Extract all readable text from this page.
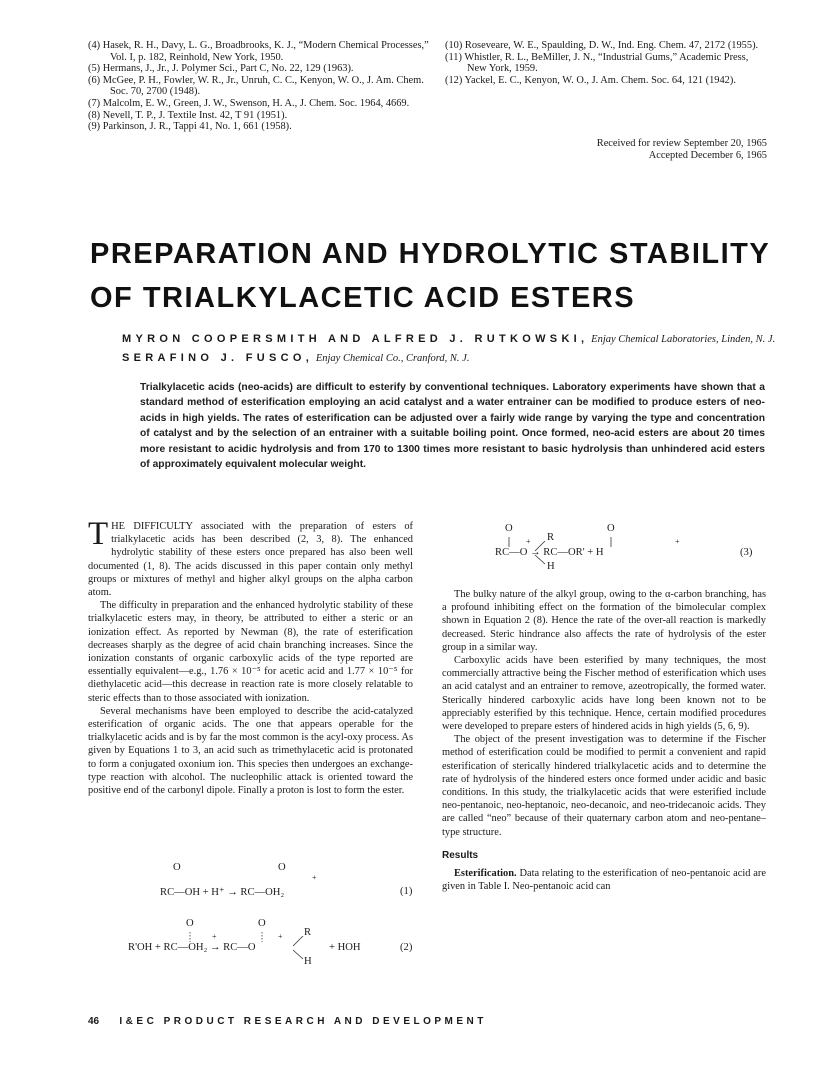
(4) Hasek, R. H., Davy, L. G., Broadbrooks, K. J., “Modern Chemical Processes,” Vol. I, p. 182, Reinhold, New York, 1950.

(5) Hermans, J., Jr., J. Polymer Sci., Part C, No. 22, 129 (1963).

(6) McGee, P. H., Fowler, W. R., Jr., Unruh, C. C., Kenyon, W. O., J. Am. Chem. Soc. 70, 2700 (1948).

(7) Malcolm, E. W., Green, J. W., Swenson, H. A., J. Chem. Soc. 1964, 4669.

(8) Nevell, T. P., J. Textile Inst. 42, T 91 (1951).

(9) Parkinson, J. R., Tappi 41, No. 1, 661 (1958).

(10) Roseveare, W. E., Spaulding, D. W., Ind. Eng. Chem. 47, 2172 (1955).

(11) Whistler, R. L., BeMiller, J. N., “Industrial Gums,” Academic Press, New York, 1959.

(12) Yackel, E. C., Kenyon, W. O., J. Am. Chem. Soc. 64, 121 (1942).

Received for review September 20, 1965
Accepted December 6, 1965
PREPARATION AND HYDROLYTIC STABILITY
OF TRIALKYLACETIC ACID ESTERS
MYRON COOPERSMITH AND ALFRED J. RUTKOWSKI, Enjay Chemical Laboratories, Linden, N. J.
SERAFINO J. FUSCO, Enjay Chemical Co., Cranford, N. J.

Trialkylacetic acids (neo-acids) are difficult to esterify by conventional techniques. Laboratory experiments have shown that a standard method of esterification employing an acid catalyst and a water entrainer can be modified to produce esters of neo-acids in high yields. The rates of esterification can be adjusted over a fairly wide range by varying the type and concentration of catalyst and by the selection of an entrainer with a suitable boiling point. Once formed, neo-acid esters are about 20 times more resistant to acidic hydrolysis and from 170 to 1300 times more resistant to basic hydrolysis than unhindered acid esters of approximately equivalent molecular weight.

THE DIFFICULTY associated with the preparation of esters of trialkylacetic acids has been described (2, 3, 8). The enhanced hydrolytic stability of these esters once prepared has also been well documented (1, 8). The acids discussed in this paper contain only methyl groups or mixtures of methyl and higher alkyl groups on the alpha carbon atom.

The difficulty in preparation and the enhanced hydrolytic stability of these trialkylacetic esters may, in theory, be attributed to either a steric or an ionization effect. As reported by Newman (8), the rate of esterification decreases sharply as the degree of acid chain branching increases. Since the ionization constants of organic carboxylic acids of the type reported are essentially equivalent—e.g., 1.76 × 10⁻⁵ for acetic acid and 1.77 × 10⁻⁵ for diethylacetic acid—this decrease in reaction rate is more closely relatable to steric effects than to those associated with ionization.

Several mechanisms have been employed to describe the acid-catalyzed esterification of organic acids. The one that appears operable for the trialkylacetic acids and is by far the most common is the acyl-oxy process. As given by Equations 1 to 3, an acid such as trimethylacetic acid is protonated to form a conjugated oxonium ion. This species then undergoes an exchange-type reaction with alcohol. The nucleophilic attack is oriented toward the positive end of the carbonyl dipole. Finally a proton is lost to form the ester.

O	O
+
RC—OH + H⁺ → RC—OH₂	(1)
O	O
+	+ R
R'OH + RC—OH₂ → RC—O	+ HOH
H
(2)
O	O
+ R
RC—O → RC—OR' + H
+
H
(3)

The bulky nature of the alkyl group, owing to the α-carbon branching, has a profound inhibiting effect on the formation of the bimolecular complex shown in Equation 2 (8). Hence the rate of the over-all reaction is markedly decreased. Steric hindrance also affects the rate of hydrolysis of the ester group in a similar way.

Carboxylic acids have been esterified by many techniques, the most commercially attractive being the Fischer method of esterification which uses an acid catalyst and an entrainer to remove, azeotropically, the formed water. Sterically hindered carboxylic acids have long been known not to be appreciably esterified by this technique. Hence, certain modified procedures were developed to prepare esters of hindered acids in high yields (5, 6, 9).

The object of the present investigation was to determine if the Fischer method of esterification could be modified to permit a convenient and rapid esterification of sterically hindered trialkylacetic acids and to determine the rate of hydrolysis of the hindered esters once formed under acidic and basic conditions. In this study, the trialkylacetic acids that were esterified include neo-pentanoic, neo-heptanoic, neo-decanoic, and neo-tridecanoic acids. They are called “neo” because of their quaternary carbon atom and neo-pentane–type structure.

Results

Esterification. Data relating to the esterification of neo-pentanoic acid are given in Table I. Neo-pentanoic acid can

46 I&EC PRODUCT RESEARCH AND DEVELOPMENT
